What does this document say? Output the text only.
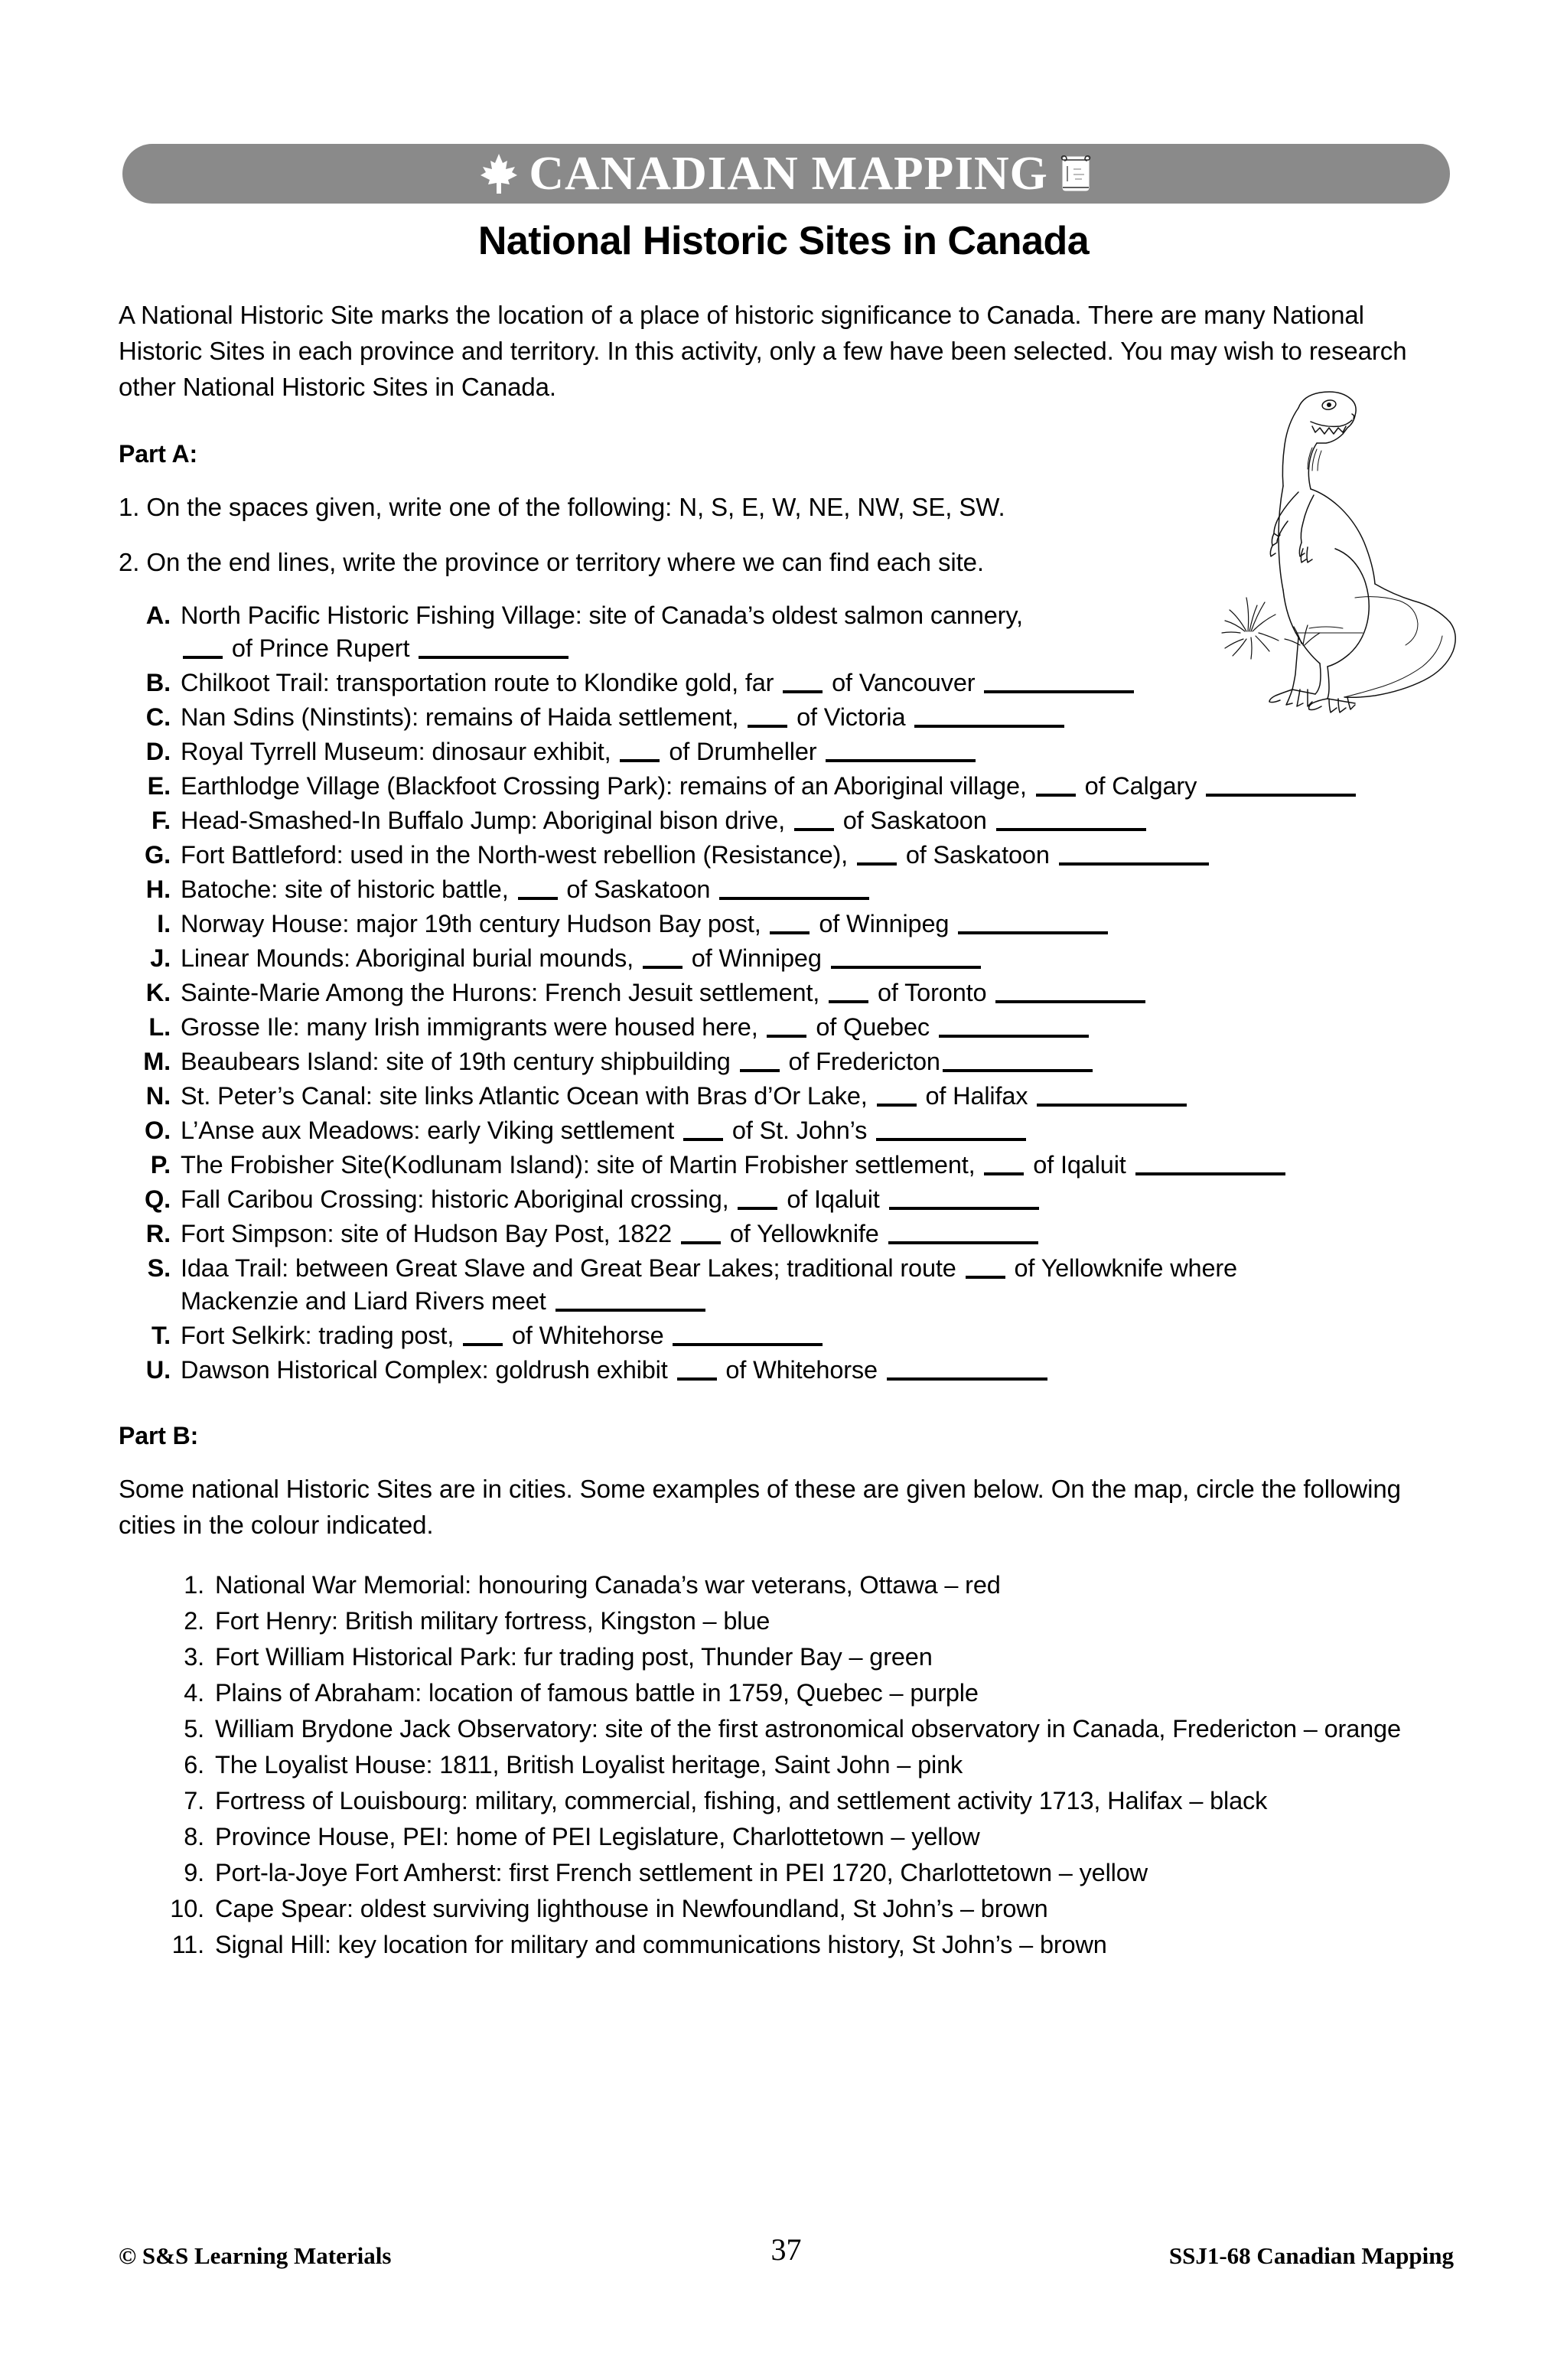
CANADIAN MAPPING
National Historic Sites in Canada

A National Historic Site marks the location of a place of historic significance to Canada. There are many National Historic Sites in each province and territory. In this activity, only a few have been selected. You may wish to research other National Historic Sites in Canada.

Part A:
1. On the spaces given, write one of the following: N, S, E, W, NE, NW, SE, SW.
2. On the end lines, write the province or territory where we can find each site.
A. North Pacific Historic Fishing Village: site of Canada’s oldest salmon cannery,
of Prince Rupert
B. Chilkoot Trail: transportation route to Klondike gold, far of Vancouver
C. Nan Sdins (Ninstints): remains of Haida settlement, of Victoria
D. Royal Tyrrell Museum: dinosaur exhibit, of Drumheller
E. Earthlodge Village (Blackfoot Crossing Park): remains of an Aboriginal village, of Calgary
F. Head-Smashed-In Buffalo Jump: Aboriginal bison drive, of Saskatoon
G. Fort Battleford: used in the North-west rebellion (Resistance), of Saskatoon
H. Batoche: site of historic battle, of Saskatoon
I. Norway House: major 19th century Hudson Bay post, of Winnipeg
J. Linear Mounds: Aboriginal burial mounds, of Winnipeg
K. Sainte-Marie Among the Hurons: French Jesuit settlement, of Toronto
L. Grosse Ile: many Irish immigrants were housed here, of Quebec
M. Beaubears Island: site of 19th century shipbuilding of Fredericton
N. St. Peter’s Canal: site links Atlantic Ocean with Bras d’Or Lake, of Halifax
O. L’Anse aux Meadows: early Viking settlement of St. John’s
P. The Frobisher Site(Kodlunam Island): site of Martin Frobisher settlement, of Iqaluit
Q. Fall Caribou Crossing: historic Aboriginal crossing, of Iqaluit
R. Fort Simpson: site of Hudson Bay Post, 1822 of Yellowknife
S. Idaa Trail: between Great Slave and Great Bear Lakes; traditional route of Yellowknife where
Mackenzie and Liard Rivers meet
T. Fort Selkirk: trading post, of Whitehorse
U. Dawson Historical Complex: goldrush exhibit of Whitehorse
Part B:

Some national Historic Sites are in cities. Some examples of these are given below. On the map, circle the following cities in the colour indicated.

1. National War Memorial: honouring Canada’s war veterans, Ottawa – red
2. Fort Henry: British military fortress, Kingston – blue
3. Fort William Historical Park: fur trading post, Thunder Bay – green
4. Plains of Abraham: location of famous battle in 1759, Quebec – purple
5. William Brydone Jack Observatory: site of the first astronomical observatory in Canada, Fredericton – orange
6. The Loyalist House: 1811, British Loyalist heritage, Saint John – pink
7. Fortress of Louisbourg: military, commercial, fishing, and settlement activity 1713, Halifax – black
8. Province House, PEI: home of PEI Legislature, Charlottetown – yellow
9. Port-la-Joye Fort Amherst: first French settlement in PEI 1720, Charlottetown – yellow
10. Cape Spear: oldest surviving lighthouse in Newfoundland, St John’s – brown
11. Signal Hill: key location for military and communications history, St John’s – brown
© S&S Learning Materials	37	SSJ1-68 Canadian Mapping
